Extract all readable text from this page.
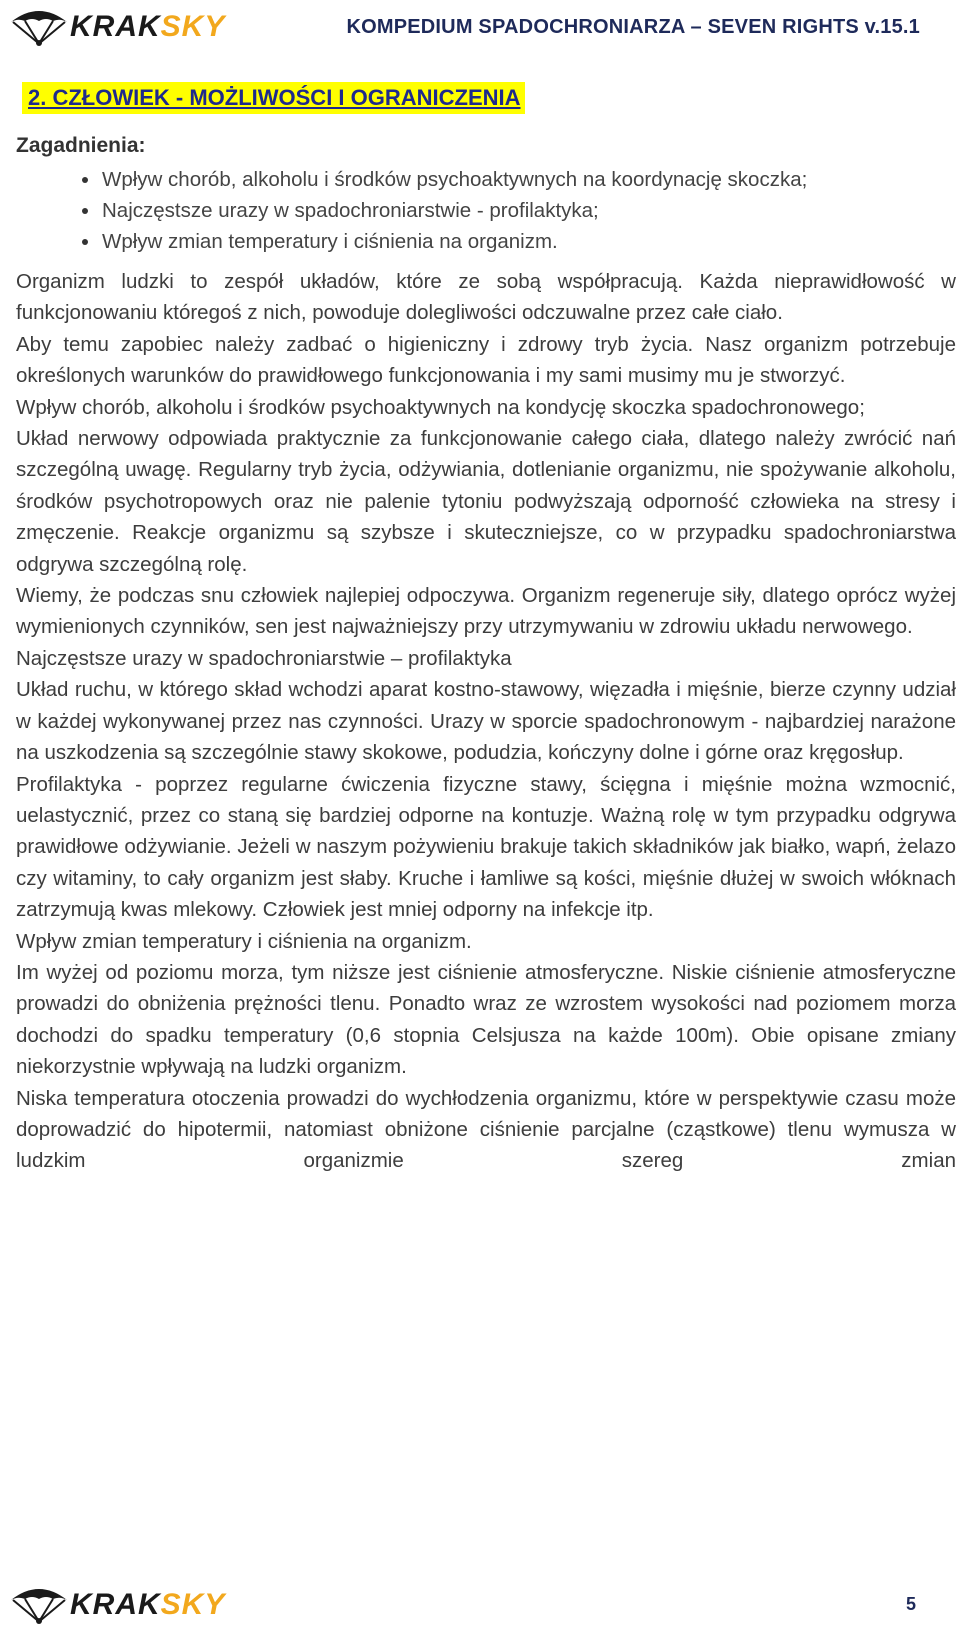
KRAKSKY	KOMPEDIUM SPADOCHRONIARZA – SEVEN RIGHTS v.15.1
2. CZŁOWIEK - MOŻLIWOŚCI I OGRANICZENIA
Zagadnienia:
Wpływ chorób, alkoholu i środków psychoaktywnych na koordynację skoczka;
Najczęstsze urazy w spadochroniarstwie - profilaktyka;
Wpływ zmian temperatury i ciśnienia na organizm.

Organizm ludzki to zespół układów, które ze sobą współpracują. Każda nieprawidłowość w funkcjonowaniu któregoś z nich, powoduje dolegliwości odczuwalne przez całe ciało.

Aby temu zapobiec należy zadbać o higieniczny i zdrowy tryb życia. Nasz organizm potrzebuje określonych warunków do prawidłowego funkcjonowania i my sami musimy mu je stworzyć.

Wpływ chorób, alkoholu i środków psychoaktywnych na kondycję skoczka spadochronowego;

Układ nerwowy odpowiada praktycznie za funkcjonowanie całego ciała, dlatego należy zwrócić nań szczególną uwagę. Regularny tryb życia, odżywiania, dotlenianie organizmu, nie spożywanie alkoholu, środków psychotropowych oraz nie palenie tytoniu podwyższają odporność człowieka na stresy i zmęczenie. Reakcje organizmu są szybsze i skuteczniejsze, co w przypadku spadochroniarstwa odgrywa szczególną rolę.

Wiemy, że podczas snu człowiek najlepiej odpoczywa. Organizm regeneruje siły, dlatego oprócz wyżej wymienionych czynników, sen jest najważniejszy przy utrzymywaniu w zdrowiu układu nerwowego.

Najczęstsze urazy w spadochroniarstwie – profilaktyka

Układ ruchu, w którego skład wchodzi aparat kostno-stawowy, więzadła i mięśnie, bierze czynny udział w każdej wykonywanej przez nas czynności. Urazy w sporcie spadochronowym - najbardziej narażone na uszkodzenia są szczególnie stawy skokowe, podudzia, kończyny dolne i górne oraz kręgosłup.

Profilaktyka - poprzez regularne ćwiczenia fizyczne stawy, ścięgna i mięśnie można wzmocnić, uelastycznić, przez co staną się bardziej odporne na kontuzje. Ważną rolę w tym przypadku odgrywa prawidłowe odżywianie. Jeżeli w naszym pożywieniu brakuje takich składników jak białko, wapń, żelazo czy witaminy, to cały organizm jest słaby. Kruche i łamliwe są kości, mięśnie dłużej w swoich włóknach zatrzymują kwas mlekowy. Człowiek jest mniej odporny na infekcje itp.

Wpływ zmian temperatury i ciśnienia na organizm.

Im wyżej od poziomu morza, tym niższe jest ciśnienie atmosferyczne. Niskie ciśnienie atmosferyczne prowadzi do obniżenia prężności tlenu. Ponadto wraz ze wzrostem wysokości nad poziomem morza dochodzi do spadku temperatury (0,6 stopnia Celsjusza na każde 100m). Obie opisane zmiany niekorzystnie wpływają na ludzki organizm.

Niska temperatura otoczenia prowadzi do wychłodzenia organizmu, które w perspektywie czasu może doprowadzić do hipotermii, natomiast obniżone ciśnienie parcjalne (cząstkowe) tlenu wymusza w ludzkim organizmie szereg zmian

KRAKSKY	5
